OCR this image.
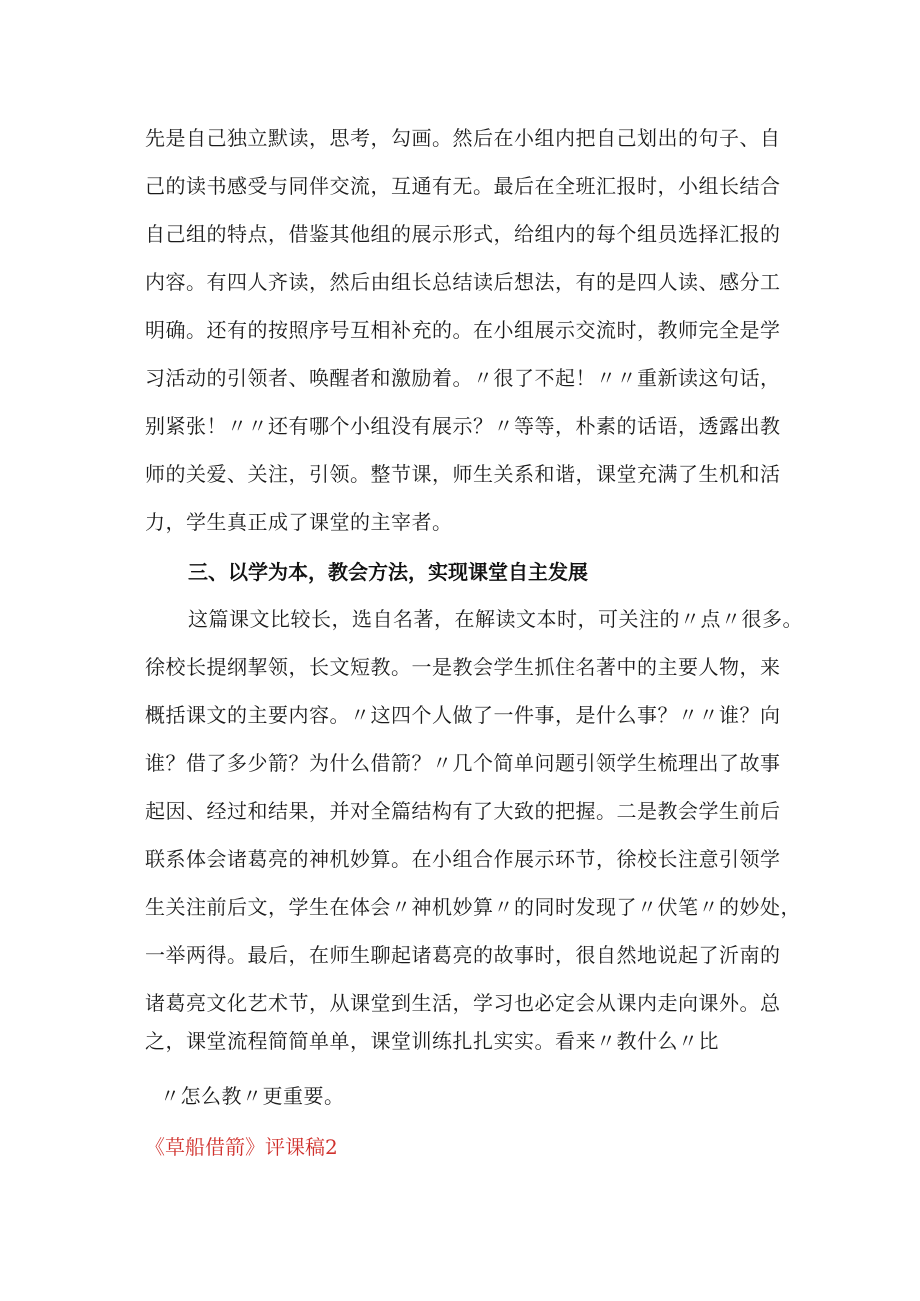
先是自己独立默读，思考，勾画。然后在小组内把自己划出的句子、自
己的读书感受与同伴交流，互通有无。最后在全班汇报时，小组长结合
自己组的特点，借鉴其他组的展示形式，给组内的每个组员选择汇报的
内容。有四人齐读，然后由组长总结读后想法，有的是四人读、感分工
明确。还有的按照序号互相补充的。在小组展示交流时，教师完全是学
习活动的引领者、唤醒者和激励着。〃很了不起！〃〃重新读这句话，
别紧张！〃〃还有哪个小组没有展示？〃等等，朴素的话语，透露出教
师的关爱、关注，引领。整节课，师生关系和谐，课堂充满了生机和活
力，学生真正成了课堂的主宰者。
三、以学为本，教会方法，实现课堂自主发展
这篇课文比较长，选自名著，在解读文本时，可关注的〃点〃很多。
徐校长提纲挈领，长文短教。一是教会学生抓住名著中的主要人物，来
概括课文的主要内容。〃这四个人做了一件事，是什么事？〃〃谁？向
谁？借了多少箭？为什么借箭？〃几个简单问题引领学生梳理出了故事
起因、经过和结果，并对全篇结构有了大致的把握。二是教会学生前后
联系体会诸葛亮的神机妙算。在小组合作展示环节，徐校长注意引领学
生关注前后文，学生在体会〃神机妙算〃的同时发现了〃伏笔〃的妙处，
一举两得。最后，在师生聊起诸葛亮的故事时，很自然地说起了沂南的
诸葛亮文化艺术节，从课堂到生活，学习也必定会从课内走向课外。总
之，课堂流程简简单单，课堂训练扎扎实实。看来〃教什么〃比
〃怎么教〃更重要。
《草船借箭》评课稿2
